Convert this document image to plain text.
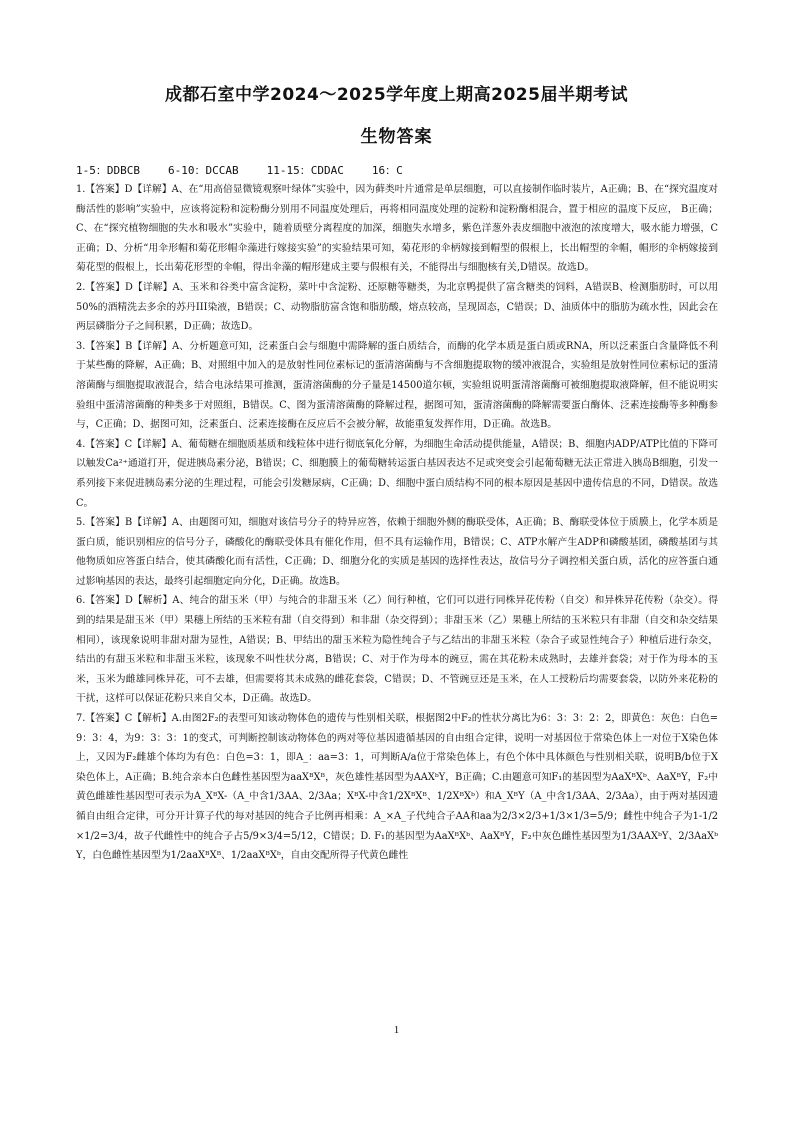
成都石室中学2024～2025学年度上期高2025届半期考试
生物答案
1-5：DDBCB	6-10：DCCAB	11-15：CDDAC	16：C

1.【答案】D【详解】A、在“用高倍显微镜观察叶绿体”实验中，因为藓类叶片通常是单层细胞，可以直接制作临时装片，A正确；B、在“探究温度对酶活性的影响”实验中，应该将淀粉和淀粉酶分别用不同温度处理后，再将相同温度处理的淀粉和淀粉酶相混合，置于相应的温度下反应， B正确；C、在“探究植物细胞的失水和吸水”实验中，随着质壁分离程度的加深，细胞失水增多，紫色洋葱外表皮细胞中液泡的浓度增大，吸水能力增强，C正确；D、分析“用伞形帽和菊花形帽伞藻进行嫁接实验”的实验结果可知，菊花形的伞柄嫁接到帽型的假根上，长出帽型的伞帽，帽形的伞柄嫁接到菊花型的假根上，长出菊花形型的伞帽，得出伞藻的帽形建成主要与假根有关，不能得出与细胞核有关,D错误。故选D。

2.【答案】D【详解】A、玉米和谷类中富含淀粉，菜叶中含淀粉、还原糖等糖类，为北京鸭提供了富含糖类的饲料，A错误B、检测脂肪时，可以用50%的酒精洗去多余的苏丹III染液，B错误；C、动物脂肪富含饱和脂肪酸，熔点较高，呈现固态，C错误；D、油质体中的脂肪为疏水性，因此会在两层磷脂分子之间积累，D正确；故选D。

3.【答案】B【详解】A、分析题意可知，泛素蛋白会与细胞中需降解的蛋白质结合，而酶的化学本质是蛋白质或RNA，所以泛素蛋白含量降低不利于某些酶的降解，A正确；B、对照组中加入的是放射性同位素标记的蛋清溶菌酶与不含细胞提取物的缓冲液混合，实验组是放射性同位素标记的蛋清溶菌酶与细胞提取液混合，结合电泳结果可推测，蛋清溶菌酶的分子量是14500道尔顿，实验组说明蛋清溶菌酶可被细胞提取液降解，但不能说明实验组中蛋清溶菌酶的种类多于对照组，B错误。C、图为蛋清溶菌酶的降解过程，据图可知，蛋清溶菌酶的降解需要蛋白酶体、泛素连接酶等多种酶参与，C正确；D、据图可知，泛素蛋白、泛素连接酶在反应后不会被分解，故能重复发挥作用，D正确。故选B。

4.【答案】C【详解】A、葡萄糖在细胞质基质和线粒体中进行彻底氧化分解，为细胞生命活动提供能量，A错误；B、细胞内ADP/ATP比值的下降可以触发Ca²⁺通道打开，促进胰岛素分泌，B错误；C、细胞膜上的葡萄糖转运蛋白基因表达不足或突变会引起葡萄糖无法正常进入胰岛B细胞，引发一系列接下来促进胰岛素分泌的生理过程，可能会引发糖尿病，C正确；D、细胞中蛋白质结构不同的根本原因是基因中遗传信息的不同，D错误。故选C。

5.【答案】B【详解】A、由题图可知，细胞对该信号分子的特异应答，依赖于细胞外侧的酶联受体，A正确；B、酶联受体位于质膜上，化学本质是蛋白质，能识别相应的信号分子，磷酸化的酶联受体具有催化作用，但不具有运输作用，B错误；C、ATP水解产生ADP和磷酸基团，磷酸基团与其他物质如应答蛋白结合，使其磷酸化而有活性，C正确；D、细胞分化的实质是基因的选择性表达，故信号分子调控相关蛋白质，活化的应答蛋白通过影响基因的表达，最终引起细胞定向分化，D正确。故选B。

6.【答案】D【解析】A、纯合的甜玉米（甲）与纯合的非甜玉米（乙）间行种植，它们可以进行同株异花传粉（自交）和异株异花传粉（杂交）。得到的结果是甜玉米（甲）果穗上所结的玉米粒有甜（自交得到）和非甜（杂交得到）；非甜玉米（乙）果穗上所结的玉米粒只有非甜（自交和杂交结果相同），该现象说明非甜对甜为显性，A错误；B、甲结出的甜玉米粒为隐性纯合子与乙结出的非甜玉米粒（杂合子或显性纯合子）种植后进行杂交，结出的有甜玉米粒和非甜玉米粒，该现象不叫性状分离，B错误；C、对于作为母本的豌豆，需在其花粉未成熟时，去雄并套袋；对于作为母本的玉米，玉米为雌雄同株异花，可不去雄，但需要将其未成熟的雌花套袋，C错误；D、不管豌豆还是玉米，在人工授粉后均需要套袋，以防外来花粉的干扰，这样可以保证花粉只来自父本，D正确。故选D。

7.【答案】C【解析】A.由图2F₂的表型可知该动物体色的遗传与性别相关联，根据图2中F₂的性状分离比为6：3：3：2：2，即黄色：灰色：白色=9：3：4，为9：3：3：1的变式，可判断控制该动物体色的两对等位基因遗循基因的自由组合定律，说明一对基因位于常染色体上一对位于X染色体上，又因为F₂雌雄个体均为有色：白色=3：1，即A_：aa=3：1，可判断A/a位于常染色体上，有色个体中具体颜色与性别相关联，说明B/b位于X染色体上，A正确；B.纯合亲本白色雌性基因型为aaXᴮXᴮ，灰色雄性基因型为AAXᵇY，B正确；C.由题意可知F₁的基因型为AaXᴮXᵇ、AaXᴮY，F₂中黄色雌雄性基因型可表示为A_XᴮX-（A_中含1/3AA、2/3Aa；XᴮX-中含1/2XᴮXᴮ、1/2XᴮXᵇ）和A_XᴮY（A_中含1/3AA、2/3Aa），由于两对基因遗循自由组合定律，可分开计算子代的每对基因的纯合子比例再相乘：A_×A_子代纯合子AA和aa为2/3×2/3+1/3×1/3=5/9；雌性中纯合子为1-1/2×1/2=3/4，故子代雌性中的纯合子占5/9×3/4=5/12，C错误；D. F₁的基因型为AaXᴮXᵇ、AaXᴮY，F₂中灰色雌性基因型为1/3AAXᵇY、2/3AaXᵇY，白色雌性基因型为1/2aaXᴮXᴮ、1/2aaXᴮXᵇ，自由交配所得子代黄色雌性

1
